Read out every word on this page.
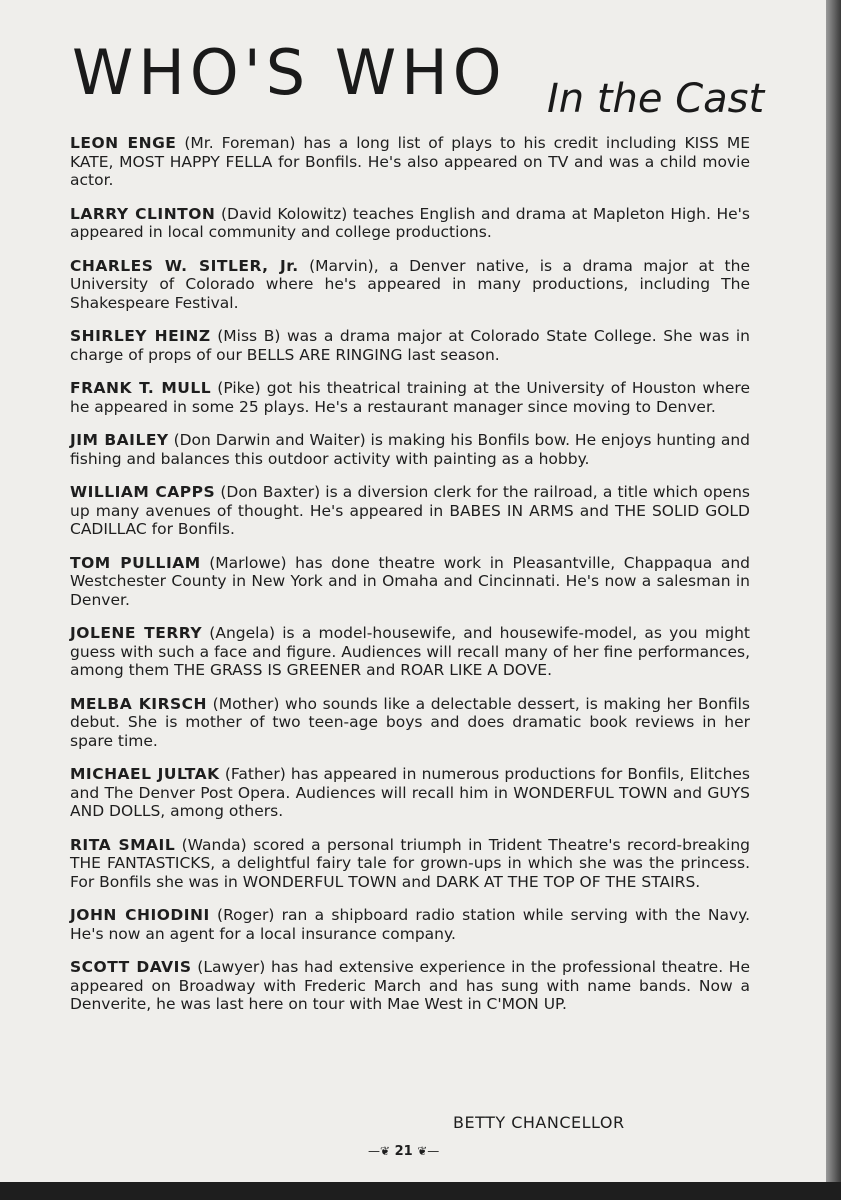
WHO'S WHO In the Cast

LEON ENGE (Mr. Foreman) has a long list of plays to his credit including KISS ME KATE, MOST HAPPY FELLA for Bonfils. He's also appeared on TV and was a child movie actor.

LARRY CLINTON (David Kolowitz) teaches English and drama at Mapleton High. He's appeared in local community and college productions.

CHARLES W. SITLER, Jr. (Marvin), a Denver native, is a drama major at the University of Colorado where he's appeared in many productions, including The Shakespeare Festival.

SHIRLEY HEINZ (Miss B) was a drama major at Colorado State College. She was in charge of props of our BELLS ARE RINGING last season.

FRANK T. MULL (Pike) got his theatrical training at the University of Houston where he appeared in some 25 plays. He's a restaurant manager since moving to Denver.

JIM BAILEY (Don Darwin and Waiter) is making his Bonfils bow. He enjoys hunting and fishing and balances this outdoor activity with painting as a hobby.

WILLIAM CAPPS (Don Baxter) is a diversion clerk for the railroad, a title which opens up many avenues of thought. He's appeared in BABES IN ARMS and THE SOLID GOLD CADILLAC for Bonfils.

TOM PULLIAM (Marlowe) has done theatre work in Pleasantville, Chappaqua and Westchester County in New York and in Omaha and Cincinnati. He's now a salesman in Denver.

JOLENE TERRY (Angela) is a model-housewife, and housewife-model, as you might guess with such a face and figure. Audiences will recall many of her fine performances, among them THE GRASS IS GREENER and ROAR LIKE A DOVE.

MELBA KIRSCH (Mother) who sounds like a delectable dessert, is making her Bonfils debut. She is mother of two teen-age boys and does dramatic book reviews in her spare time.

MICHAEL JULTAK (Father) has appeared in numerous productions for Bonfils, Elitches and The Denver Post Opera. Audiences will recall him in WONDERFUL TOWN and GUYS AND DOLLS, among others.

RITA SMAIL (Wanda) scored a personal triumph in Trident Theatre's record-breaking THE FANTASTICKS, a delightful fairy tale for grown-ups in which she was the princess. For Bonfils she was in WONDERFUL TOWN and DARK AT THE TOP OF THE STAIRS.

JOHN CHIODINI (Roger) ran a shipboard radio station while serving with the Navy. He's now an agent for a local insurance company.

SCOTT DAVIS (Lawyer) has had extensive experience in the professional theatre. He appeared on Broadway with Frederic March and has sung with name bands. Now a Denverite, he was last here on tour with Mae West in C'MON UP.

BETTY CHANCELLOR
—❦ 21 ❦—
